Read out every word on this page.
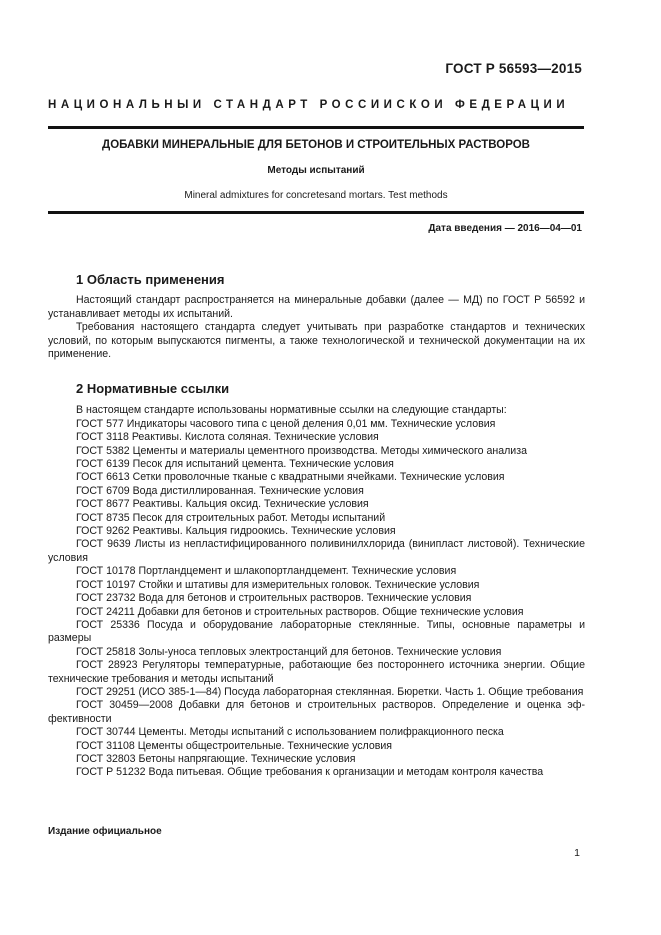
ГОСТ Р 56593—2015
НАЦИОНАЛЬНЫЙ СТАНДАРТ РОССИЙСКОЙ ФЕДЕРАЦИИ
ДОБАВКИ МИНЕРАЛЬНЫЕ ДЛЯ БЕТОНОВ И СТРОИТЕЛЬНЫХ РАСТВОРОВ
Методы испытаний
Mineral admixtures for concretesand mortars. Test methods
Дата введения — 2016—04—01
1 Область применения
Настоящий стандарт распространяется на минеральные добавки (далее — МД) по ГОСТ Р 56592 и устанавливает методы их испытаний.
Требования настоящего стандарта следует учитывать при разработке стандартов и технических условий, по которым выпускаются пигменты, а также технологической и технической документации на их применение.
2 Нормативные ссылки
В настоящем стандарте использованы нормативные ссылки на следующие стандарты:
ГОСТ 577 Индикаторы часового типа с ценой деления 0,01 мм. Технические условия
ГОСТ 3118 Реактивы. Кислота соляная. Технические условия
ГОСТ 5382 Цементы и материалы цементного производства. Методы химического анализа
ГОСТ 6139 Песок для испытаний цемента. Технические условия
ГОСТ 6613 Сетки проволочные тканые с квадратными ячейками. Технические условия
ГОСТ 6709 Вода дистиллированная. Технические условия
ГОСТ 8677 Реактивы. Кальция оксид. Технические условия
ГОСТ 8735 Песок для строительных работ. Методы испытаний
ГОСТ 9262 Реактивы. Кальция гидроокись. Технические условия
ГОСТ 9639 Листы из непластифицированного поливинилхлорида (винипласт листовой). Технические условия
ГОСТ 10178 Портландцемент и шлакопортландцемент. Технические условия
ГОСТ 10197 Стойки и штативы для измерительных головок. Технические условия
ГОСТ 23732 Вода для бетонов и строительных растворов. Технические условия
ГОСТ 24211 Добавки для бетонов и строительных растворов. Общие технические условия
ГОСТ 25336 Посуда и оборудование лабораторные стеклянные. Типы, основные параметры и размеры
ГОСТ 25818 Золы-уноса тепловых электростанций для бетонов. Технические условия
ГОСТ 28923 Регуляторы температурные, работающие без постороннего источника энергии. Общие технические требования и методы испытаний
ГОСТ 29251 (ИСО 385-1—84) Посуда лабораторная стеклянная. Бюретки. Часть 1. Общие требования
ГОСТ 30459—2008 Добавки для бетонов и строительных растворов. Определение и оценка эффективности
ГОСТ 30744 Цементы. Методы испытаний с использованием полифракционного песка
ГОСТ 31108 Цементы общестроительные. Технические условия
ГОСТ 32803 Бетоны напрягающие. Технические условия
ГОСТ Р 51232 Вода питьевая. Общие требования к организации и методам контроля качества
Издание официальное
1
